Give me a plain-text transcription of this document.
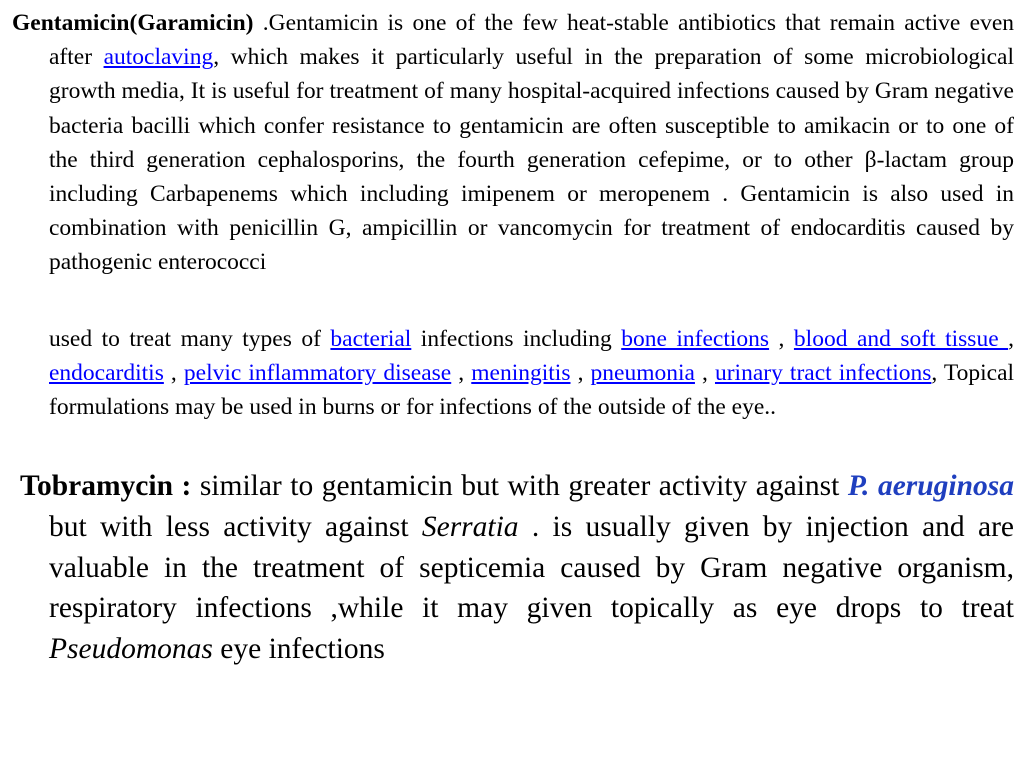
Gentamicin(Garamicin) .Gentamicin is one of the few heat-stable antibiotics that remain active even after autoclaving, which makes it particularly useful in the preparation of some microbiological growth media, It is useful for treatment of many hospital-acquired infections caused by Gram negative bacteria bacilli which confer resistance to gentamicin are often susceptible to amikacin or to one of the third generation cephalosporins, the fourth generation cefepime, or to other β-lactam group including Carbapenems which including imipenem or meropenem . Gentamicin is also used in combination with penicillin G, ampicillin or vancomycin for treatment of endocarditis caused by pathogenic enterococci

used to treat many types of bacterial infections including bone infections , blood and soft tissue , endocarditis , pelvic inflammatory disease , meningitis , pneumonia , urinary tract infections, Topical formulations may be used in burns or for infections of the outside of the eye..

Tobramycin : similar to gentamicin but with greater activity against P. aeruginosa but with less activity against Serratia . is usually given by injection and are valuable in the treatment of septicemia caused by Gram negative organism, respiratory infections ,while it may given topically as eye drops to treat Pseudomonas eye infections
